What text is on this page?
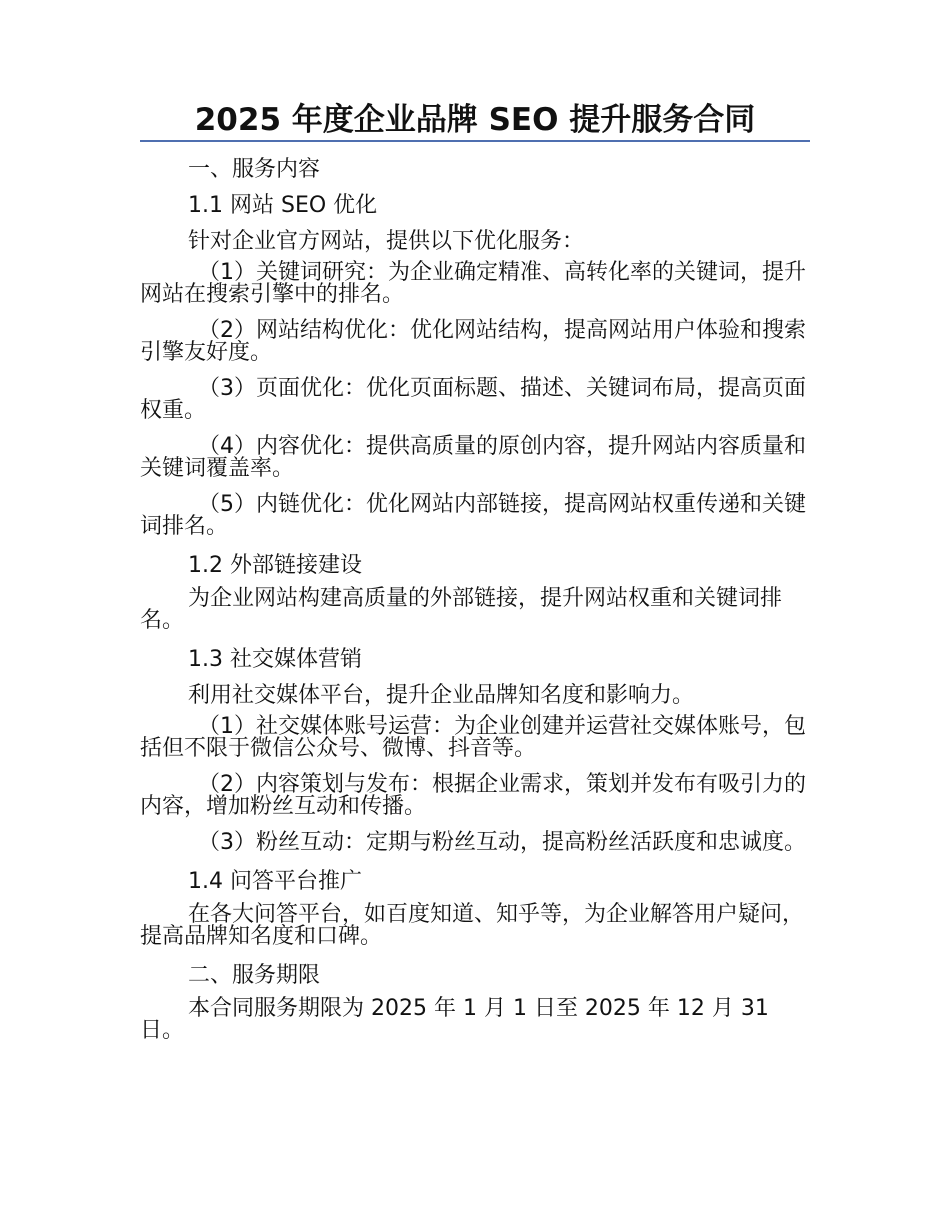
2025 年度企业品牌 SEO 提升服务合同

一、服务内容

1.1 网站 SEO 优化

针对企业官方网站，提供以下优化服务：

（1）关键词研究：为企业确定精准、高转化率的关键词，提升网站在搜索引擎中的排名。

（2）网站结构优化：优化网站结构，提高网站用户体验和搜索引擎友好度。

（3）页面优化：优化页面标题、描述、关键词布局，提高页面权重。

（4）内容优化：提供高质量的原创内容，提升网站内容质量和关键词覆盖率。

（5）内链优化：优化网站内部链接，提高网站权重传递和关键词排名。

1.2 外部链接建设

为企业网站构建高质量的外部链接，提升网站权重和关键词排名。

1.3 社交媒体营销

利用社交媒体平台，提升企业品牌知名度和影响力。

（1）社交媒体账号运营：为企业创建并运营社交媒体账号，包括但不限于微信公众号、微博、抖音等。

（2）内容策划与发布：根据企业需求，策划并发布有吸引力的内容，增加粉丝互动和传播。

（3）粉丝互动：定期与粉丝互动，提高粉丝活跃度和忠诚度。

1.4 问答平台推广

在各大问答平台，如百度知道、知乎等，为企业解答用户疑问，提高品牌知名度和口碑。

二、服务期限

本合同服务期限为 2025 年 1 月 1 日至 2025 年 12 月 31 日。
